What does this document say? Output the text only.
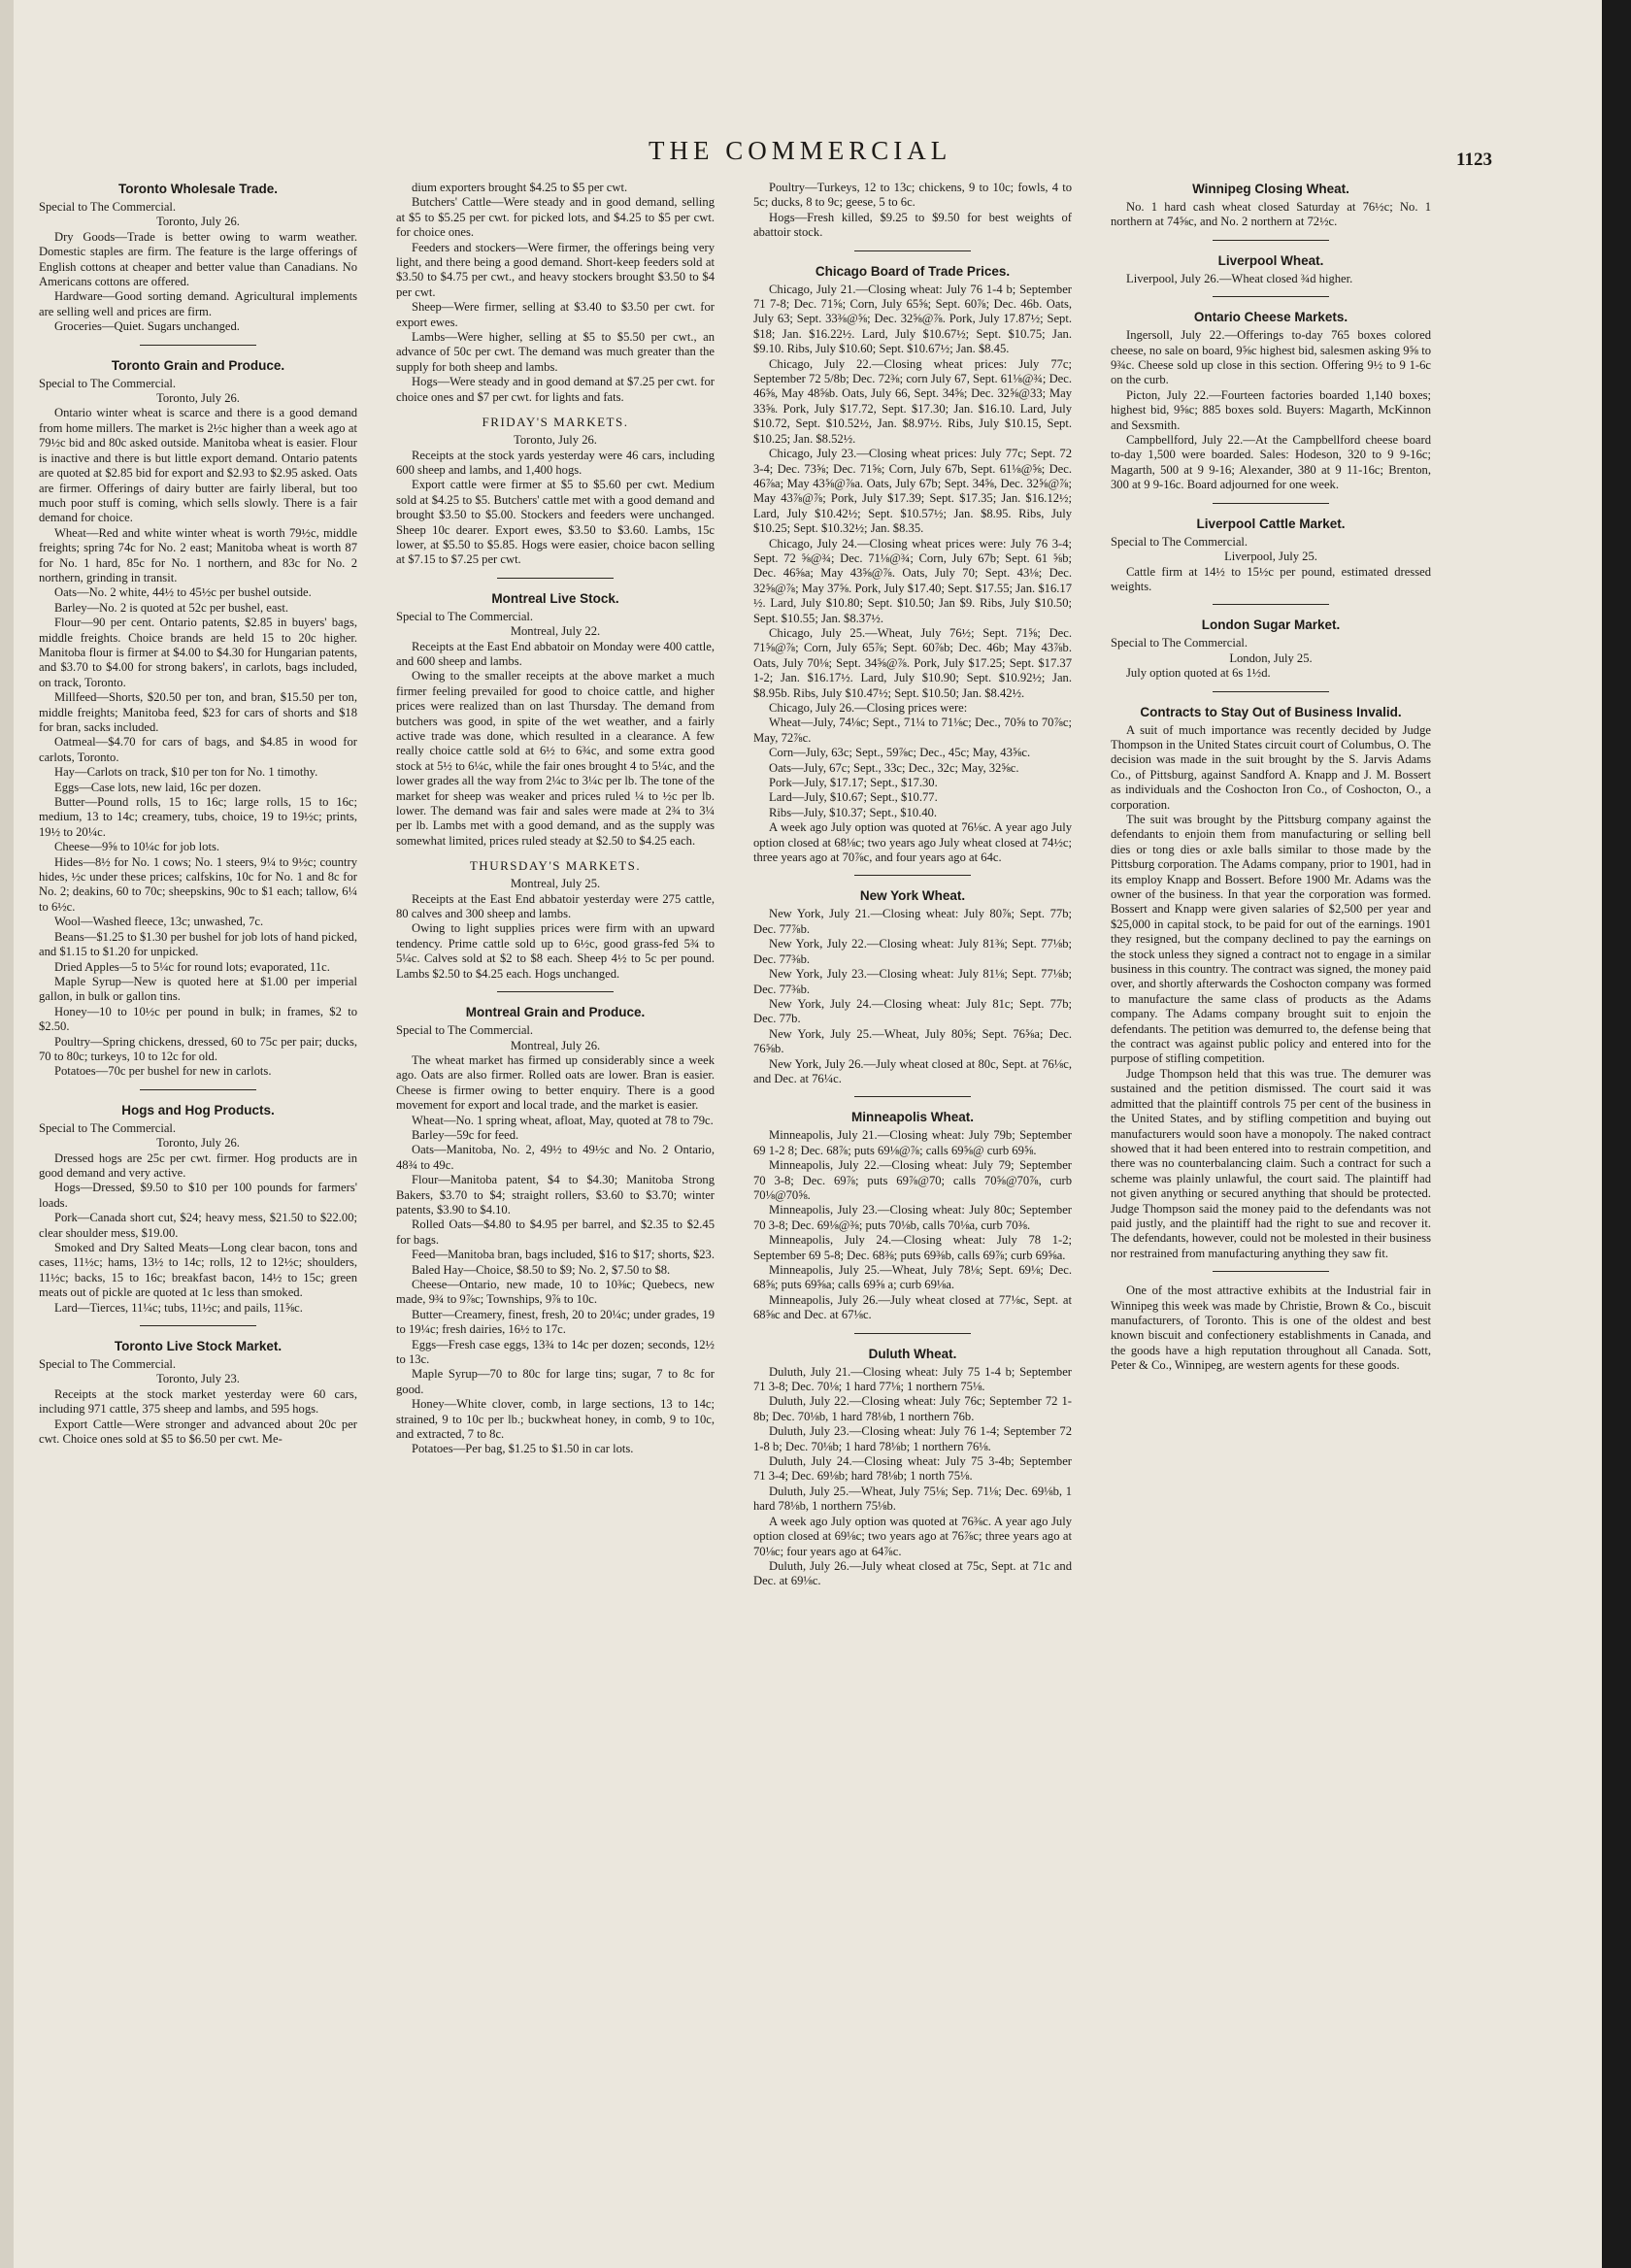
THE COMMERCIAL	1123
Toronto Wholesale Trade.

Special to The Commercial.

Toronto, July 26.

Dry Goods—Trade is better owing to warm weather. Domestic staples are firm. The feature is the large offerings of English cottons at cheaper and better value than Canadians. No Americans cottons are offered.

Hardware—Good sorting demand. Agricultural implements are selling well and prices are firm.

Groceries—Quiet. Sugars unchanged.

Toronto Grain and Produce.

Special to The Commercial.

Toronto, July 26.

Ontario winter wheat is scarce and there is a good demand from home millers. The market is 2½c higher than a week ago at 79½c bid and 80c asked outside. Manitoba wheat is easier. Flour is inactive and there is but little export demand. Ontario patents are quoted at $2.85 bid for export and $2.93 to $2.95 asked. Oats are firmer. Offerings of dairy butter are fairly liberal, but too much poor stuff is coming, which sells slowly. There is a fair demand for choice.

Wheat—Red and white winter wheat is worth 79½c, middle freights; spring 74c for No. 2 east; Manitoba wheat is worth 87 for No. 1 hard, 85c for No. 1 northern, and 83c for No. 2 northern, grinding in transit.

Oats—No. 2 white, 44½ to 45½c per bushel outside.

Barley—No. 2 is quoted at 52c per bushel, east.

Flour—90 per cent. Ontario patents, $2.85 in buyers' bags, middle freights. Choice brands are held 15 to 20c higher. Manitoba flour is firmer at $4.00 to $4.30 for Hungarian patents, and $3.70 to $4.00 for strong bakers', in carlots, bags included, on track, Toronto.

Millfeed—Shorts, $20.50 per ton, and bran, $15.50 per ton, middle freights; Manitoba feed, $23 for cars of shorts and $18 for bran, sacks included.

Oatmeal—$4.70 for cars of bags, and $4.85 in wood for carlots, Toronto.

Hay—Carlots on track, $10 per ton for No. 1 timothy.

Eggs—Case lots, new laid, 16c per dozen.

Butter—Pound rolls, 15 to 16c; large rolls, 15 to 16c; medium, 13 to 14c; creamery, tubs, choice, 19 to 19½c; prints, 19½ to 20¼c.

Cheese—9⅝ to 10¼c for job lots.

Hides—8½ for No. 1 cows; No. 1 steers, 9¼ to 9½c; country hides, ½c under these prices; calfskins, 10c for No. 1 and 8c for No. 2; deakins, 60 to 70c; sheepskins, 90c to $1 each; tallow, 6¼ to 6½c.

Wool—Washed fleece, 13c; unwashed, 7c.

Beans—$1.25 to $1.30 per bushel for job lots of hand picked, and $1.15 to $1.20 for unpicked.

Dried Apples—5 to 5¼c for round lots; evaporated, 11c.

Maple Syrup—New is quoted here at $1.00 per imperial gallon, in bulk or gallon tins.

Honey—10 to 10½c per pound in bulk; in frames, $2 to $2.50.

Poultry—Spring chickens, dressed, 60 to 75c per pair; ducks, 70 to 80c; turkeys, 10 to 12c for old.

Potatoes—70c per bushel for new in carlots.

Hogs and Hog Products.

Special to The Commercial.

Toronto, July 26.

Dressed hogs are 25c per cwt. firmer. Hog products are in good demand and very active.

Hogs—Dressed, $9.50 to $10 per 100 pounds for farmers' loads.

Pork—Canada short cut, $24; heavy mess, $21.50 to $22.00; clear shoulder mess, $19.00.

Smoked and Dry Salted Meats—Long clear bacon, tons and cases, 11½c; hams, 13½ to 14c; rolls, 12 to 12½c; shoulders, 11½c; backs, 15 to 16c; breakfast bacon, 14½ to 15c; green meats out of pickle are quoted at 1c less than smoked.

Lard—Tierces, 11¼c; tubs, 11½c; and pails, 11⅝c.

Toronto Live Stock Market.

Special to The Commercial.

Toronto, July 23.

Receipts at the stock market yesterday were 60 cars, including 971 cattle, 375 sheep and lambs, and 595 hogs.

Export Cattle—Were stronger and advanced about 20c per cwt. Choice ones sold at $5 to $6.50 per cwt. Me-

dium exporters brought $4.25 to $5 per cwt.

Butchers' Cattle—Were steady and in good demand, selling at $5 to $5.25 per cwt. for picked lots, and $4.25 to $5 per cwt. for choice ones.

Feeders and stockers—Were firmer, the offerings being very light, and there being a good demand. Short-keep feeders sold at $3.50 to $4.75 per cwt., and heavy stockers brought $3.50 to $4 per cwt.

Sheep—Were firmer, selling at $3.40 to $3.50 per cwt. for export ewes.

Lambs—Were higher, selling at $5 to $5.50 per cwt., an advance of 50c per cwt. The demand was much greater than the supply for both sheep and lambs.

Hogs—Were steady and in good demand at $7.25 per cwt. for choice ones and $7 per cwt. for lights and fats.

FRIDAY'S MARKETS.

Toronto, July 26.

Receipts at the stock yards yesterday were 46 cars, including 600 sheep and lambs, and 1,400 hogs.

Export cattle were firmer at $5 to $5.60 per cwt. Medium sold at $4.25 to $5. Butchers' cattle met with a good demand and brought $3.50 to $5.00. Stockers and feeders were unchanged. Sheep 10c dearer. Export ewes, $3.50 to $3.60. Lambs, 15c lower, at $5.50 to $5.85. Hogs were easier, choice bacon selling at $7.15 to $7.25 per cwt.

Montreal Live Stock.

Special to The Commercial.

Montreal, July 22.

Receipts at the East End abbatoir on Monday were 400 cattle, and 600 sheep and lambs.

Owing to the smaller receipts at the above market a much firmer feeling prevailed for good to choice cattle, and higher prices were realized than on last Thursday. The demand from butchers was good, in spite of the wet weather, and a fairly active trade was done, which resulted in a clearance. A few really choice cattle sold at 6½ to 6¾c, and some extra good stock at 5½ to 6¼c, while the fair ones brought 4 to 5¼c, and the lower grades all the way from 2¼c to 3¼c per lb. The tone of the market for sheep was weaker and prices ruled ¼ to ½c per lb. lower. The demand was fair and sales were made at 2¾ to 3¼ per lb. Lambs met with a good demand, and as the supply was somewhat limited, prices ruled steady at $2.50 to $4.25 each.

THURSDAY'S MARKETS.

Montreal, July 25.

Receipts at the East End abbatoir yesterday were 275 cattle, 80 calves and 300 sheep and lambs.

Owing to light supplies prices were firm with an upward tendency. Prime cattle sold up to 6½c, good grass-fed 5¾ to 5¼c. Calves sold at $2 to $8 each. Sheep 4½ to 5c per pound. Lambs $2.50 to $4.25 each. Hogs unchanged.

Montreal Grain and Produce.

Special to The Commercial.

Montreal, July 26.

The wheat market has firmed up considerably since a week ago. Oats are also firmer. Rolled oats are lower. Bran is easier. Cheese is firmer owing to better enquiry. There is a good movement for export and local trade, and the market is easier.

Wheat—No. 1 spring wheat, afloat, May, quoted at 78 to 79c.

Barley—59c for feed.

Oats—Manitoba, No. 2, 49½ to 49½c and No. 2 Ontario, 48¾ to 49c.

Flour—Manitoba patent, $4 to $4.30; Manitoba Strong Bakers, $3.70 to $4; straight rollers, $3.60 to $3.70; winter patents, $3.90 to $4.10.

Rolled Oats—$4.80 to $4.95 per barrel, and $2.35 to $2.45 for bags.

Feed—Manitoba bran, bags included, $16 to $17; shorts, $23.

Baled Hay—Choice, $8.50 to $9; No. 2, $7.50 to $8.

Cheese—Ontario, new made, 10 to 10⅜c; Quebecs, new made, 9¾ to 9⅞c; Townships, 9⅞ to 10c.

Butter—Creamery, finest, fresh, 20 to 20¼c; under grades, 19 to 19¼c; fresh dairies, 16½ to 17c.

Eggs—Fresh case eggs, 13¾ to 14c per dozen; seconds, 12½ to 13c.

Maple Syrup—70 to 80c for large tins; sugar, 7 to 8c for good.

Honey—White clover, comb, in large sections, 13 to 14c; strained, 9 to 10c per lb.; buckwheat honey, in comb, 9 to 10c, and extracted, 7 to 8c.

Potatoes—Per bag, $1.25 to $1.50 in car lots.

Poultry—Turkeys, 12 to 13c; chickens, 9 to 10c; fowls, 4 to 5c; ducks, 8 to 9c; geese, 5 to 6c.

Hogs—Fresh killed, $9.25 to $9.50 for best weights of abattoir stock.

Chicago Board of Trade Prices.

Chicago, July 21.—Closing wheat: July 76 1-4 b; September 71 7-8; Dec. 71⅝; Corn, July 65⅝; Sept. 60⅞; Dec. 46b. Oats, July 63; Sept. 33⅜@⅝; Dec. 32⅝@⅞. Pork, July 17.87½; Sept. $18; Jan. $16.22½. Lard, July $10.67½; Sept. $10.75; Jan. $9.10. Ribs, July $10.60; Sept. $10.67½; Jan. $8.45.

Chicago, July 22.—Closing wheat prices: July 77c; September 72 5/8b; Dec. 72⅜; corn July 67, Sept. 61⅛@¾; Dec. 46⅝, May 48⅝b. Oats, July 66, Sept. 34⅝; Dec. 32⅝@33; May 33⅝. Pork, July $17.72, Sept. $17.30; Jan. $16.10. Lard, July $10.72, Sept. $10.52½, Jan. $8.97½. Ribs, July $10.15, Sept. $10.25; Jan. $8.52½.

Chicago, July 23.—Closing wheat prices: July 77c; Sept. 72 3-4; Dec. 73⅝; Dec. 71⅝; Corn, July 67b, Sept. 61⅛@⅝; Dec. 46⅞a; May 43⅝@⅞a. Oats, July 67b; Sept. 34⅝, Dec. 32⅝@⅞; May 43⅞@⅞; Pork, July $17.39; Sept. $17.35; Jan. $16.12½; Lard, July $10.42½; Sept. $10.57½; Jan. $8.95. Ribs, July $10.25; Sept. $10.32½; Jan. $8.35.

Chicago, July 24.—Closing wheat prices were: July 76 3-4; Sept. 72 ⅝@¾; Dec. 71⅛@¾; Corn, July 67b; Sept. 61 ⅝b; Dec. 46⅝a; May 43⅝@⅞. Oats, July 70; Sept. 43⅛; Dec. 32⅝@⅞; May 37⅝. Pork, July $17.40; Sept. $17.55; Jan. $16.17 ½. Lard, July $10.80; Sept. $10.50; Jan $9. Ribs, July $10.50; Sept. $10.55; Jan. $8.37½.

Chicago, July 25.—Wheat, July 76½; Sept. 71⅝; Dec. 71⅝@⅞; Corn, July 65⅞; Sept. 60⅞b; Dec. 46b; May 43⅞b. Oats, July 70⅛; Sept. 34⅝@⅞. Pork, July $17.25; Sept. $17.37 1-2; Jan. $16.17½. Lard, July $10.90; Sept. $10.92½; Jan. $8.95b. Ribs, July $10.47½; Sept. $10.50; Jan. $8.42½.

Chicago, July 26.—Closing prices were:

Wheat—July, 74⅛c; Sept., 71¼ to 71⅛c; Dec., 70⅝ to 70⅞c; May, 72⅞c.

Corn—July, 63c; Sept., 59⅞c; Dec., 45c; May, 43⅝c.

Oats—July, 67c; Sept., 33c; Dec., 32c; May, 32⅝c.

Pork—July, $17.17; Sept., $17.30.

Lard—July, $10.67; Sept., $10.77.

Ribs—July, $10.37; Sept., $10.40.

A week ago July option was quoted at 76⅛c. A year ago July option closed at 68⅛c; two years ago July wheat closed at 74½c; three years ago at 70⅞c, and four years ago at 64c.

New York Wheat.

New York, July 21.—Closing wheat: July 80⅞; Sept. 77b; Dec. 77⅞b.

New York, July 22.—Closing wheat: July 81⅜; Sept. 77⅛b; Dec. 77⅜b.

New York, July 23.—Closing wheat: July 81⅛; Sept. 77⅛b; Dec. 77⅜b.

New York, July 24.—Closing wheat: July 81c; Sept. 77b; Dec. 77b.

New York, July 25.—Wheat, July 80⅝; Sept. 76⅝a; Dec. 76⅝b.

New York, July 26.—July wheat closed at 80c, Sept. at 76⅛c, and Dec. at 76¼c.

Minneapolis Wheat.

Minneapolis, July 21.—Closing wheat: July 79b; September 69 1-2 8; Dec. 68⅞; puts 69⅛@⅞; calls 69⅝@ curb 69⅝.

Minneapolis, July 22.—Closing wheat: July 79; September 70 3-8; Dec. 69⅞; puts 69⅞@70; calls 70⅝@70⅞, curb 70⅛@70⅝.

Minneapolis, July 23.—Closing wheat: July 80c; September 70 3-8; Dec. 69⅛@⅜; puts 70⅛b, calls 70⅛a, curb 70⅜.

Minneapolis, July 24.—Closing wheat: July 78 1-2; September 69 5-8; Dec. 68⅜; puts 69⅜b, calls 69⅞; curb 69⅝a.

Minneapolis, July 25.—Wheat, July 78⅛; Sept. 69⅛; Dec. 68⅝; puts 69⅝a; calls 69⅝ a; curb 69⅛a.

Minneapolis, July 26.—July wheat closed at 77⅛c, Sept. at 68⅝c and Dec. at 67⅛c.

Duluth Wheat.

Duluth, July 21.—Closing wheat: July 75 1-4 b; September 71 3-8; Dec. 70⅛; 1 hard 77⅛; 1 northern 75⅛.

Duluth, July 22.—Closing wheat: July 76c; September 72 1-8b; Dec. 70⅛b, 1 hard 78⅛b, 1 northern 76b.

Duluth, July 23.—Closing wheat: July 76 1-4; September 72 1-8 b; Dec. 70⅛b; 1 hard 78⅛b; 1 northern 76⅛.

Duluth, July 24.—Closing wheat: July 75 3-4b; September 71 3-4; Dec. 69⅛b; hard 78⅛b; 1 north 75⅛.

Duluth, July 25.—Wheat, July 75⅛; Sep. 71⅛; Dec. 69⅛b, 1 hard 78⅛b, 1 northern 75⅛b.

A week ago July option was quoted at 76⅜c. A year ago July option closed at 69⅛c; two years ago at 76⅞c; three years ago at 70⅛c; four years ago at 64⅞c.

Duluth, July 26.—July wheat closed at 75c, Sept. at 71c and Dec. at 69⅛c.

Winnipeg Closing Wheat.

No. 1 hard cash wheat closed Saturday at 76½c; No. 1 northern at 74⅝c, and No. 2 northern at 72½c.

Liverpool Wheat.

Liverpool, July 26.—Wheat closed ¾d higher.

Ontario Cheese Markets.

Ingersoll, July 22.—Offerings to-day 765 boxes colored cheese, no sale on board, 9⅝c highest bid, salesmen asking 9⅝ to 9¾c. Cheese sold up close in this section. Offering 9½ to 9 1-6c on the curb.

Picton, July 22.—Fourteen factories boarded 1,140 boxes; highest bid, 9⅝c; 885 boxes sold. Buyers: Magarth, McKinnon and Sexsmith.

Campbellford, July 22.—At the Campbellford cheese board to-day 1,500 were boarded. Sales: Hodeson, 320 to 9 9-16c; Magarth, 500 at 9 9-16; Alexander, 380 at 9 11-16c; Brenton, 300 at 9 9-16c. Board adjourned for one week.

Liverpool Cattle Market.

Special to The Commercial.

Liverpool, July 25.

Cattle firm at 14½ to 15½c per pound, estimated dressed weights.

London Sugar Market.

Special to The Commercial.

London, July 25.

July option quoted at 6s 1½d.

Contracts to Stay Out of Business Invalid.

A suit of much importance was recently decided by Judge Thompson in the United States circuit court of Columbus, O. The decision was made in the suit brought by the S. Jarvis Adams Co., of Pittsburg, against Sandford A. Knapp and J. M. Bossert as individuals and the Coshocton Iron Co., of Coshocton, O., a corporation.

The suit was brought by the Pittsburg company against the defendants to enjoin them from manufacturing or selling bell dies or tong dies or axle balls similar to those made by the Pittsburg corporation. The Adams company, prior to 1901, had in its employ Knapp and Bossert. Before 1900 Mr. Adams was the owner of the business. In that year the corporation was formed. Bossert and Knapp were given salaries of $2,500 per year and $25,000 in capital stock, to be paid for out of the earnings. 1901 they resigned, but the company declined to pay the earnings on the stock unless they signed a contract not to engage in a similar business in this country. The contract was signed, the money paid over, and shortly afterwards the Coshocton company was formed to manufacture the same class of products as the Adams company. The Adams company brought suit to enjoin the defendants. The petition was demurred to, the defense being that the contract was against public policy and entered into for the purpose of stifling competition.

Judge Thompson held that this was true. The demurer was sustained and the petition dismissed. The court said it was admitted that the plaintiff controls 75 per cent of the business in the United States, and by stifling competition and buying out manufacturers would soon have a monopoly. The naked contract showed that it had been entered into to restrain competition, and there was no counterbalancing claim. Such a contract for such a scheme was plainly unlawful, the court said. The plaintiff had not given anything or secured anything that should be protected. Judge Thompson said the money paid to the defendants was not paid justly, and the plaintiff had the right to sue and recover it. The defendants, however, could not be molested in their business nor restrained from manufacturing anything they saw fit.

One of the most attractive exhibits at the Industrial fair in Winnipeg this week was made by Christie, Brown & Co., biscuit manufacturers, of Toronto. This is one of the oldest and best known biscuit and confectionery establishments in Canada, and the goods have a high reputation throughout all Canada. Sott, Peter & Co., Winnipeg, are western agents for these goods.
